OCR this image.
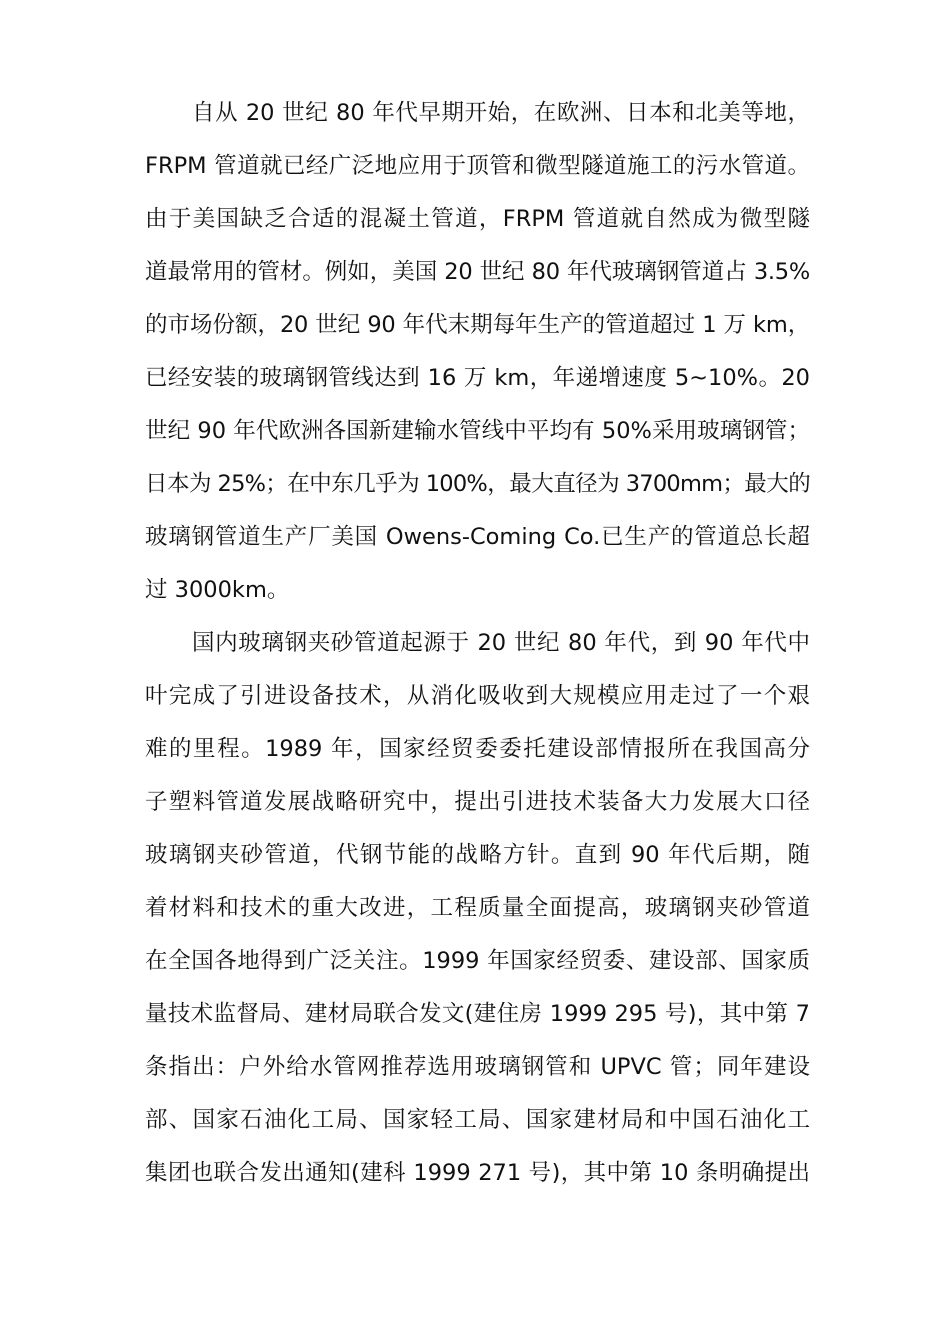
自从 20 世纪 80 年代早期开始，在欧洲、日本和北美等地，
FRPM 管道就已经广泛地应用于顶管和微型隧道施工的污水管道。
由于美国缺乏合适的混凝土管道，FRPM 管道就自然成为微型隧
道最常用的管材。例如，美国 20 世纪 80 年代玻璃钢管道占 3.5%
的市场份额，20 世纪 90 年代末期每年生产的管道超过 1 万 km，
已经安装的玻璃钢管线达到 16 万 km，年递增速度 5~10%。20
世纪 90 年代欧洲各国新建输水管线中平均有 50%采用玻璃钢管；
日本为 25%；在中东几乎为 100%，最大直径为 3700mm；最大的
玻璃钢管道生产厂美国 Owens-Coming Co.已生产的管道总长超
过 3000km。
国内玻璃钢夹砂管道起源于 20 世纪 80 年代，到 90 年代中
叶完成了引进设备技术，从消化吸收到大规模应用走过了一个艰
难的里程。1989 年，国家经贸委委托建设部情报所在我国高分
子塑料管道发展战略研究中，提出引进技术装备大力发展大口径
玻璃钢夹砂管道，代钢节能的战略方针。直到 90 年代后期，随
着材料和技术的重大改进，工程质量全面提高，玻璃钢夹砂管道
在全国各地得到广泛关注。1999 年国家经贸委、建设部、国家质
量技术监督局、建材局联合发文(建住房 1999 295 号)，其中第 7
条指出：户外给水管网推荐选用玻璃钢管和 UPVC 管；同年建设
部、国家石油化工局、国家轻工局、国家建材局和中国石油化工
集团也联合发出通知(建科 1999 271 号)，其中第 10 条明确提出
